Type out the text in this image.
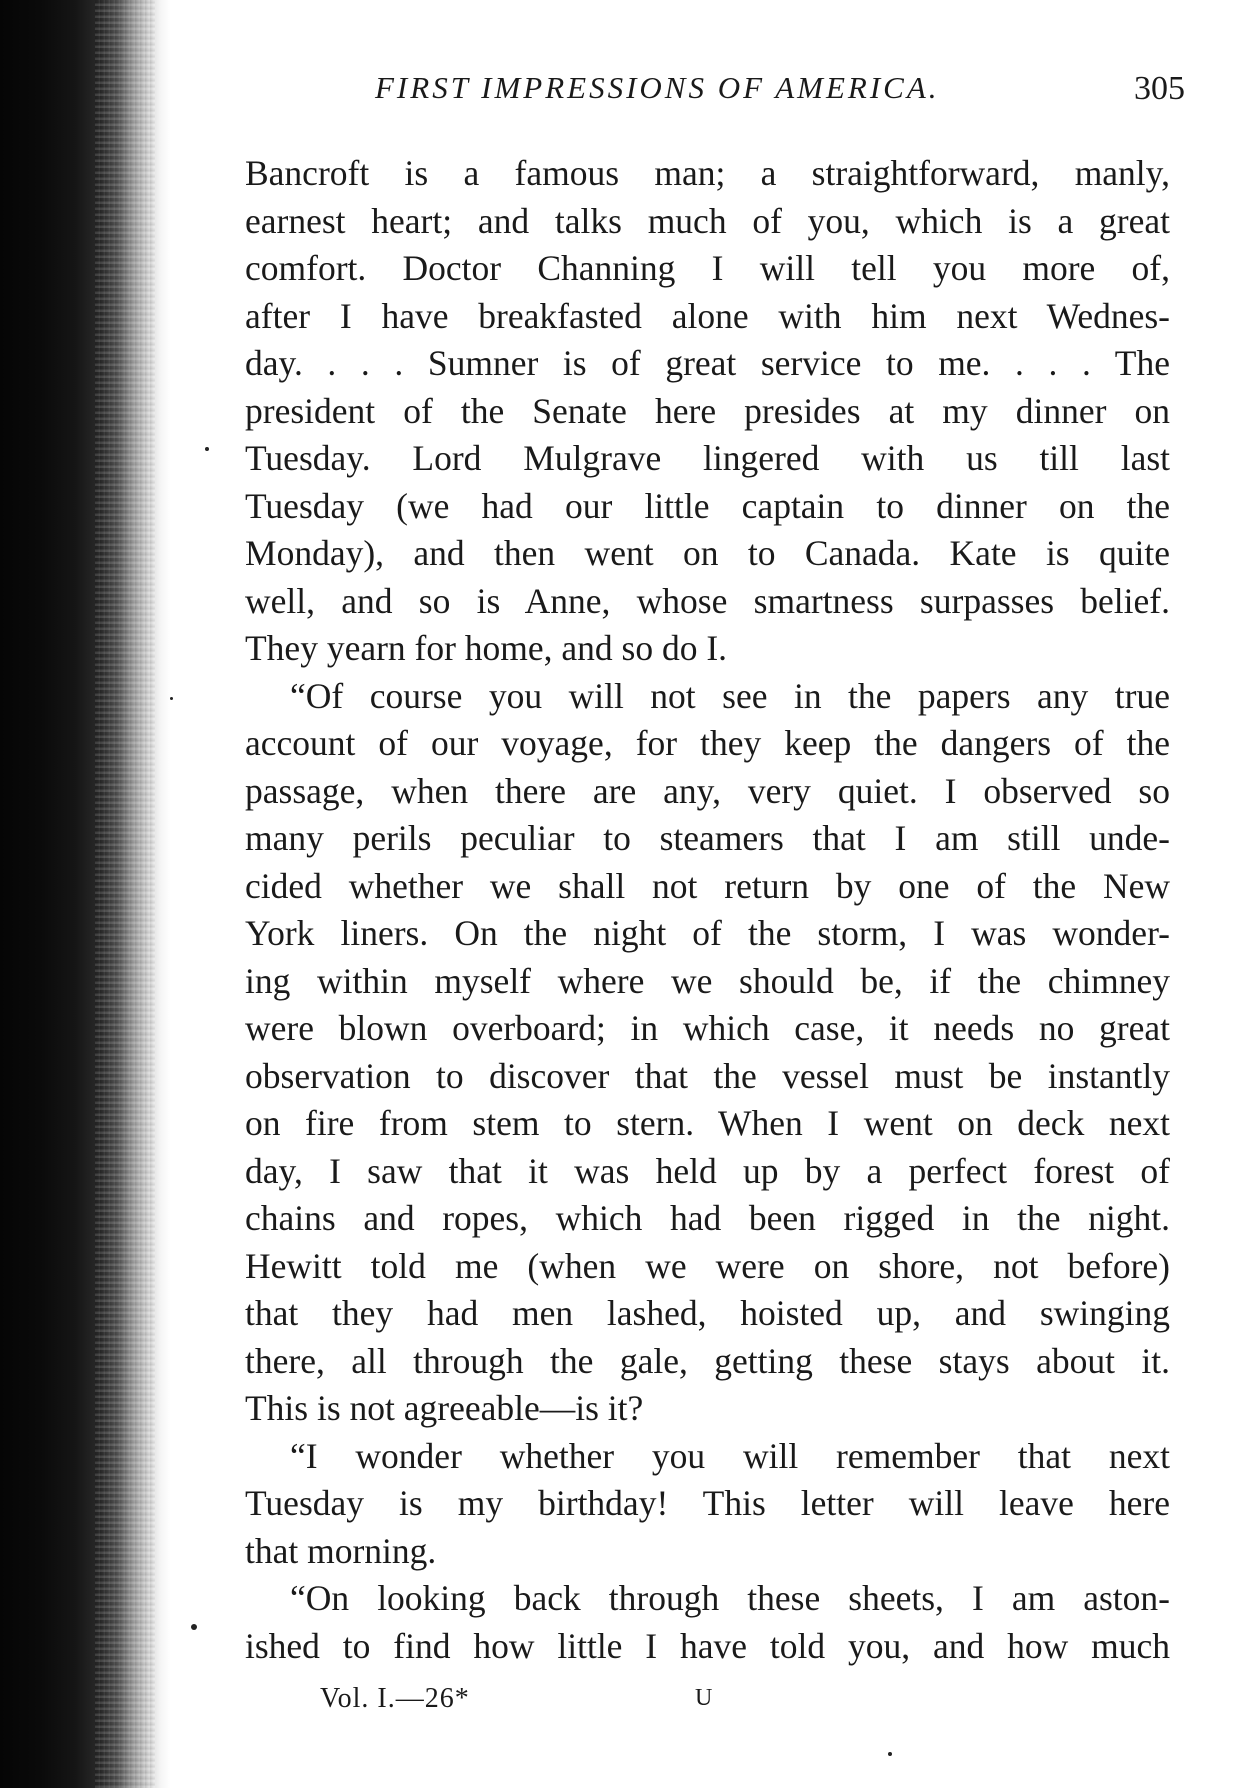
FIRST IMPRESSIONS OF AMERICA.	305
Bancroft is a famous man; a straightforward, manly,
earnest heart; and talks much of you, which is a great
comfort. Doctor Channing I will tell you more of,
after I have breakfasted alone with him next Wednes-
day. . . . Sumner is of great service to me. . . . The
president of the Senate here presides at my dinner on
Tuesday. Lord Mulgrave lingered with us till last
Tuesday (we had our little captain to dinner on the
Monday), and then went on to Canada. Kate is quite
well, and so is Anne, whose smartness surpasses belief.
They yearn for home, and so do I.
“Of course you will not see in the papers any true
account of our voyage, for they keep the dangers of the
passage, when there are any, very quiet. I observed so
many perils peculiar to steamers that I am still unde-
cided whether we shall not return by one of the New
York liners. On the night of the storm, I was wonder-
ing within myself where we should be, if the chimney
were blown overboard; in which case, it needs no great
observation to discover that the vessel must be instantly
on fire from stem to stern. When I went on deck next
day, I saw that it was held up by a perfect forest of
chains and ropes, which had been rigged in the night.
Hewitt told me (when we were on shore, not before)
that they had men lashed, hoisted up, and swinging
there, all through the gale, getting these stays about it.
This is not agreeable—is it?
“I wonder whether you will remember that next
Tuesday is my birthday! This letter will leave here
that morning.
“On looking back through these sheets, I am aston-
ished to find how little I have told you, and how much
Vol. I.—26*	U
